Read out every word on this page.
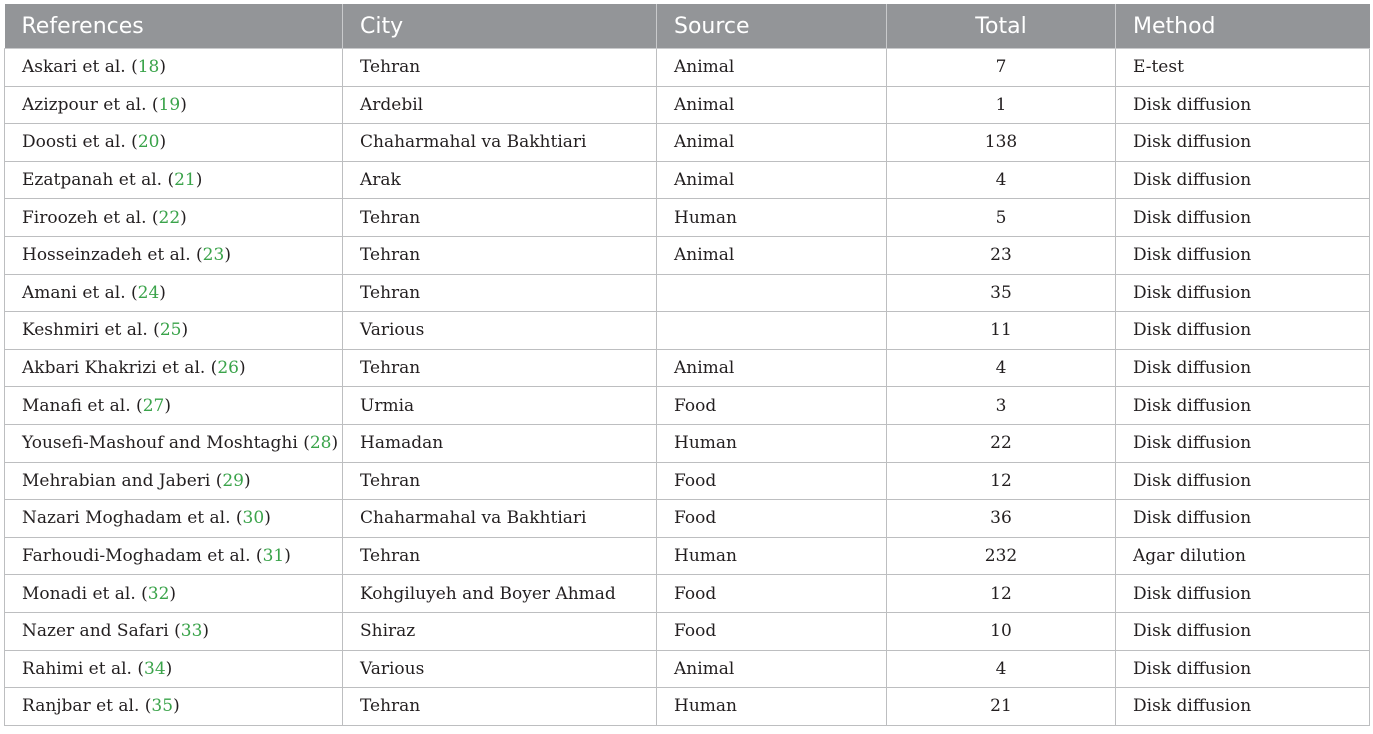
References	City	Source	Total	Method
Askari et al. (18)	Tehran	Animal	7	E-test
Azizpour et al. (19)	Ardebil	Animal	1	Disk diffusion
Doosti et al. (20)	Chaharmahal va Bakhtiari	Animal	138	Disk diffusion
Ezatpanah et al. (21)	Arak	Animal	4	Disk diffusion
Firoozeh et al. (22)	Tehran	Human	5	Disk diffusion
Hosseinzadeh et al. (23)	Tehran	Animal	23	Disk diffusion
Amani et al. (24)	Tehran		35	Disk diffusion
Keshmiri et al. (25)	Various		11	Disk diffusion
Akbari Khakrizi et al. (26)	Tehran	Animal	4	Disk diffusion
Manafi et al. (27)	Urmia	Food	3	Disk diffusion
Yousefi-Mashouf and Moshtaghi (28)	Hamadan	Human	22	Disk diffusion
Mehrabian and Jaberi (29)	Tehran	Food	12	Disk diffusion
Nazari Moghadam et al. (30)	Chaharmahal va Bakhtiari	Food	36	Disk diffusion
Farhoudi-Moghadam et al. (31)	Tehran	Human	232	Agar dilution
Monadi et al. (32)	Kohgiluyeh and Boyer Ahmad	Food	12	Disk diffusion
Nazer and Safari (33)	Shiraz	Food	10	Disk diffusion
Rahimi et al. (34)	Various	Animal	4	Disk diffusion
Ranjbar et al. (35)	Tehran	Human	21	Disk diffusion
